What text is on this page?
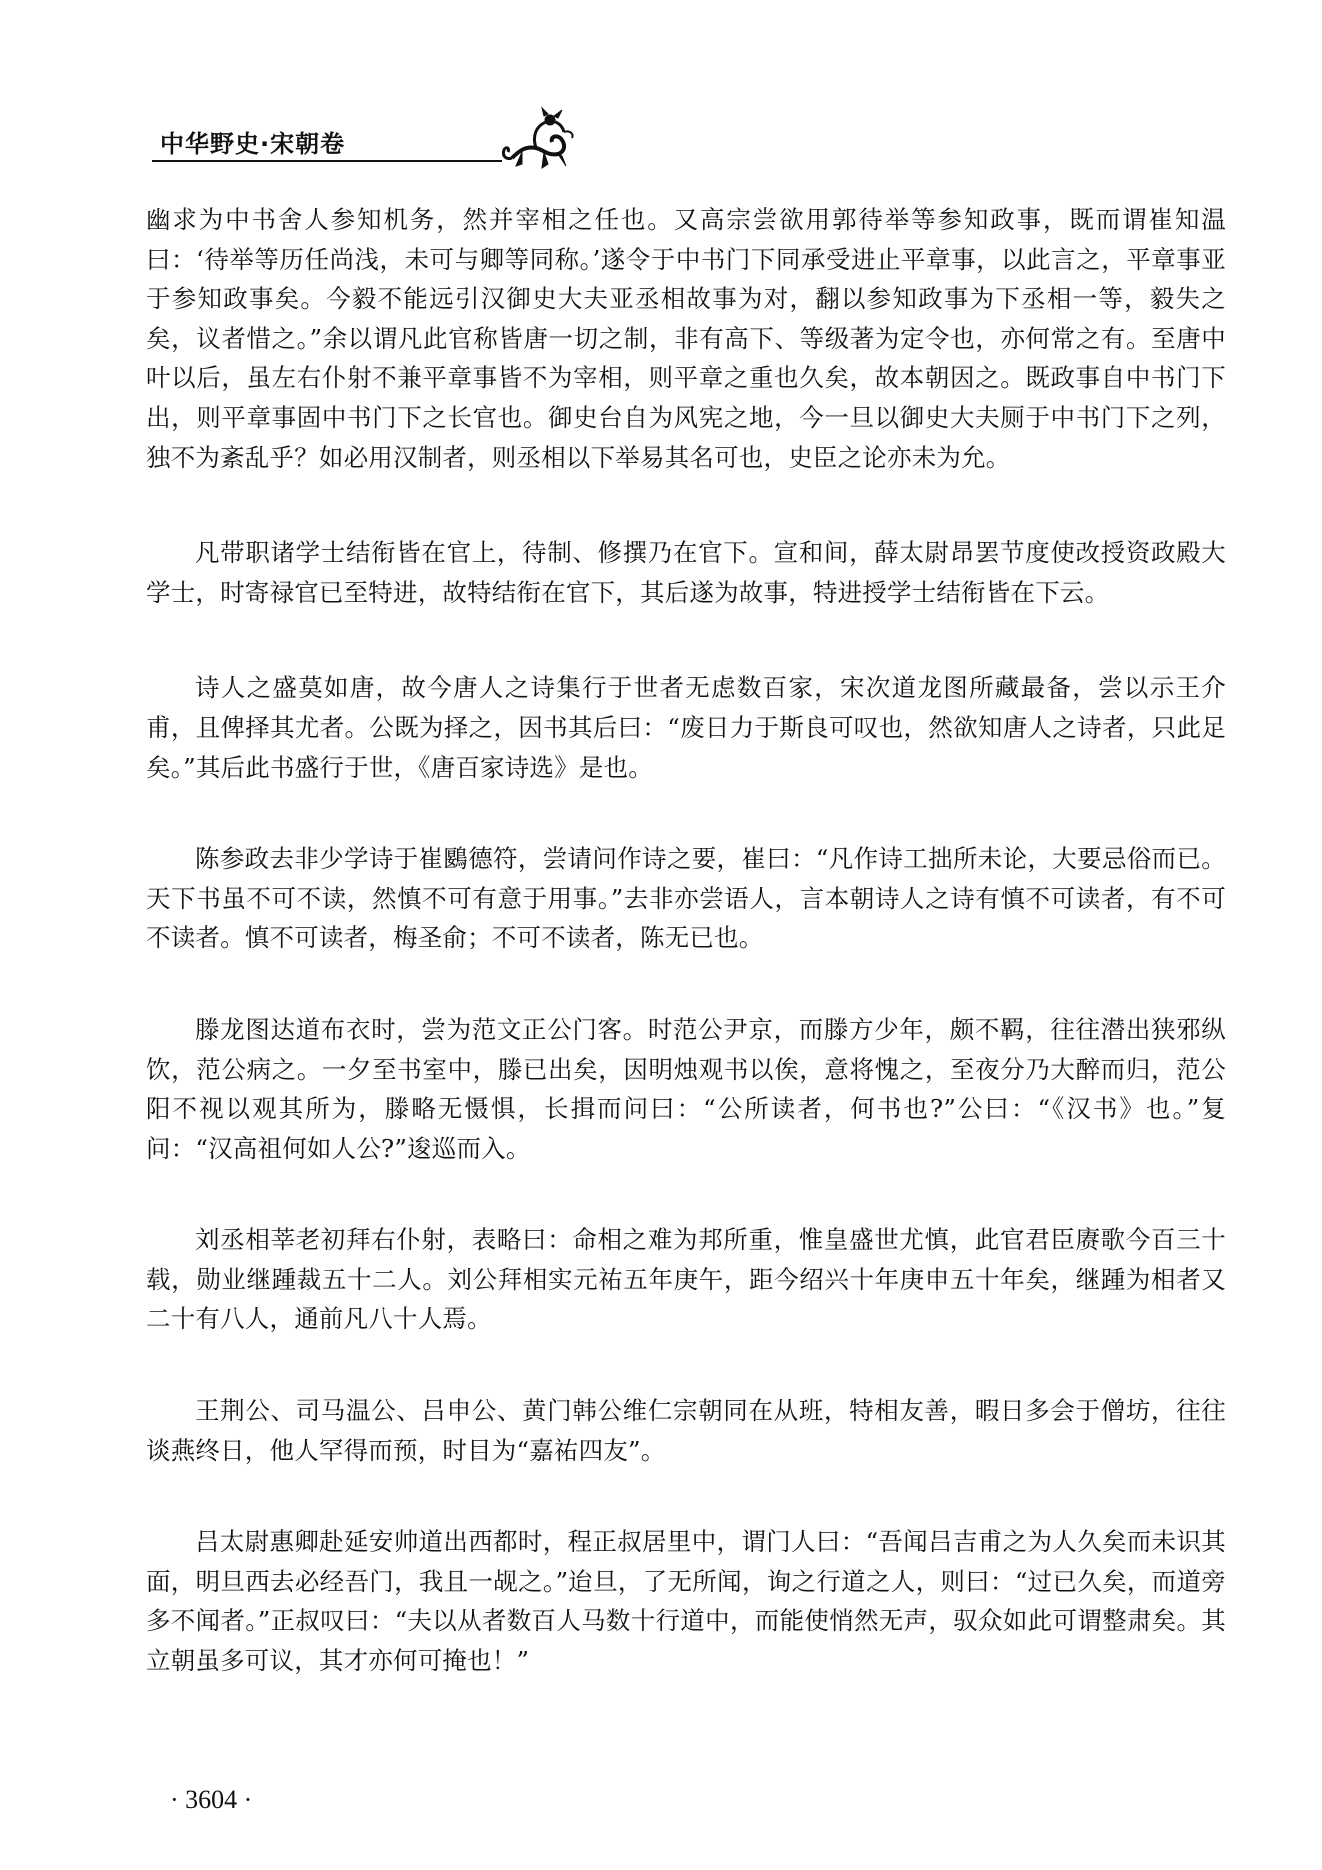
中华野史·宋朝卷

幽求为中书舍人参知机务，然并宰相之任也。又高宗尝欲用郭待举等参知政事，既而谓崔知温曰：‘待举等历任尚浅，未可与卿等同称。’遂令于中书门下同承受进止平章事，以此言之，平章事亚于参知政事矣。今毅不能远引汉御史大夫亚丞相故事为对，翻以参知政事为下丞相一等，毅失之矣，议者惜之。”余以谓凡此官称皆唐一切之制，非有高下、等级著为定令也，亦何常之有。至唐中叶以后，虽左右仆射不兼平章事皆不为宰相，则平章之重也久矣，故本朝因之。既政事自中书门下出，则平章事固中书门下之长官也。御史台自为风宪之地，今一旦以御史大夫厕于中书门下之列，独不为紊乱乎？如必用汉制者，则丞相以下举易其名可也，史臣之论亦未为允。

凡带职诸学士结衔皆在官上，待制、修撰乃在官下。宣和间，薛太尉昂罢节度使改授资政殿大学士，时寄禄官已至特进，故特结衔在官下，其后遂为故事，特进授学士结衔皆在下云。

诗人之盛莫如唐，故今唐人之诗集行于世者无虑数百家，宋次道龙图所藏最备，尝以示王介甫，且俾择其尤者。公既为择之，因书其后曰：“废日力于斯良可叹也，然欲知唐人之诗者，只此足矣。”其后此书盛行于世，《唐百家诗选》是也。

陈参政去非少学诗于崔鶠德符，尝请问作诗之要，崔曰：“凡作诗工拙所未论，大要忌俗而已。天下书虽不可不读，然慎不可有意于用事。”去非亦尝语人，言本朝诗人之诗有慎不可读者，有不可不读者。慎不可读者，梅圣俞；不可不读者，陈无已也。

滕龙图达道布衣时，尝为范文正公门客。时范公尹京，而滕方少年，颇不羁，往往潜出狭邪纵饮，范公病之。一夕至书室中，滕已出矣，因明烛观书以俟，意将愧之，至夜分乃大醉而归，范公阳不视以观其所为，滕略无慑惧，长揖而问曰：“公所读者，何书也?”公曰：“《汉书》也。”复问：“汉高祖何如人公?”逡巡而入。

刘丞相莘老初拜右仆射，表略曰：命相之难为邦所重，惟皇盛世尤慎，此官君臣赓歌今百三十载，勋业继踵裁五十二人。刘公拜相实元祐五年庚午，距今绍兴十年庚申五十年矣，继踵为相者又二十有八人，通前凡八十人焉。

王荆公、司马温公、吕申公、黄门韩公维仁宗朝同在从班，特相友善，暇日多会于僧坊，往往谈燕终日，他人罕得而预，时目为“嘉祐四友”。

吕太尉惠卿赴延安帅道出西都时，程正叔居里中，谓门人曰：“吾闻吕吉甫之为人久矣而未识其面，明旦西去必经吾门，我且一觇之。”迨旦，了无所闻，询之行道之人，则曰：“过已久矣，而道旁多不闻者。”正叔叹曰：“夫以从者数百人马数十行道中，而能使悄然无声，驭众如此可谓整肃矣。其立朝虽多可议，其才亦何可掩也！”

· 3604 ·
